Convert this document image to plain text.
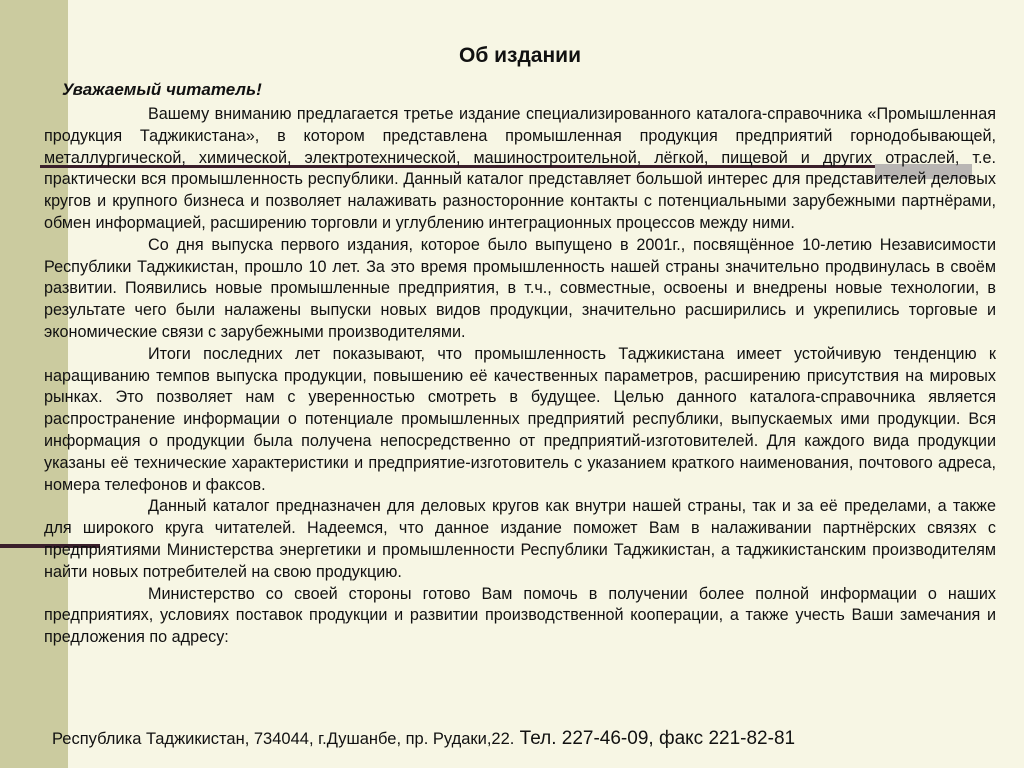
Об издании
Уважаемый читатель!

Вашему вниманию предлагается третье издание специализированного каталога-справочника «Промышленная продукция Таджикистана», в котором представлена промышленная продукция предприятий горнодобывающей, металлургической, химической, электротехнической, машиностроительной, лёгкой, пищевой и других отраслей, т.е. практически вся промышленность республики. Данный каталог представляет большой интерес для представителей деловых кругов и крупного бизнеса и позволяет налаживать разносторонние контакты с потенциальными зарубежными партнёрами, обмен информацией, расширению торговли и углублению интеграционных процессов между ними.

Со дня выпуска первого издания, которое было выпущено в 2001г., посвящённое 10-летию Независимости Республики Таджикистан, прошло 10 лет. За это время промышленность нашей страны значительно продвинулась в своём развитии. Появились новые промышленные предприятия, в т.ч., совместные, освоены и внедрены новые технологии, в результате чего были налажены выпуски новых видов продукции, значительно расширились и укрепились торговые и экономические связи с зарубежными производителями.

Итоги последних лет показывают, что промышленность Таджикистана имеет устойчивую тенденцию к наращиванию темпов выпуска продукции, повышению её качественных параметров, расширению присутствия на мировых рынках. Это позволяет нам с уверенностью смотреть в будущее. Целью данного каталога-справочника является распространение информации о потенциале промышленных предприятий республики, выпускаемых ими продукции. Вся информация о продукции была получена непосредственно от предприятий-изготовителей. Для каждого вида продукции указаны её технические характеристики и предприятие-изготовитель с указанием краткого наименования, почтового адреса, номера телефонов и факсов.

Данный каталог предназначен для деловых кругов как внутри нашей страны, так и за её пределами, а также для широкого круга читателей. Надеемся, что данное издание поможет Вам в налаживании партнёрских связях с предприятиями Министерства энергетики и промышленности Республики Таджикистан, а таджикистанским производителям найти новых потребителей на свою продукцию.

Министерство со своей стороны готово Вам помочь в получении более полной информации о наших предприятиях, условиях поставок продукции и развитии производственной кооперации, а также учесть Ваши замечания и предложения по адресу:

Республика Таджикистан, 734044, г.Душанбе, пр. Рудаки,22. Тел. 227-46-09, факс 221-82-81
